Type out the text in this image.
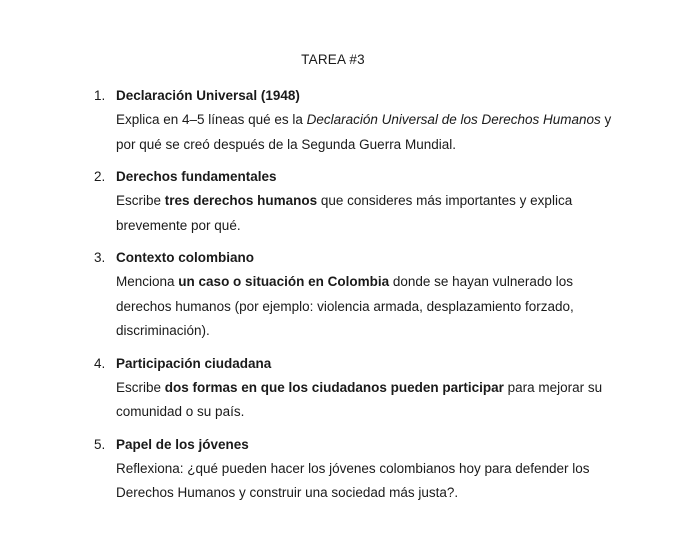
TAREA #3
1. Declaración Universal (1948)
Explica en 4–5 líneas qué es la Declaración Universal de los Derechos Humanos y por qué se creó después de la Segunda Guerra Mundial.
2. Derechos fundamentales
Escribe tres derechos humanos que consideres más importantes y explica brevemente por qué.
3. Contexto colombiano
Menciona un caso o situación en Colombia donde se hayan vulnerado los derechos humanos (por ejemplo: violencia armada, desplazamiento forzado, discriminación).
4. Participación ciudadana
Escribe dos formas en que los ciudadanos pueden participar para mejorar su comunidad o su país.
5. Papel de los jóvenes
Reflexiona: ¿qué pueden hacer los jóvenes colombianos hoy para defender los Derechos Humanos y construir una sociedad más justa?.
